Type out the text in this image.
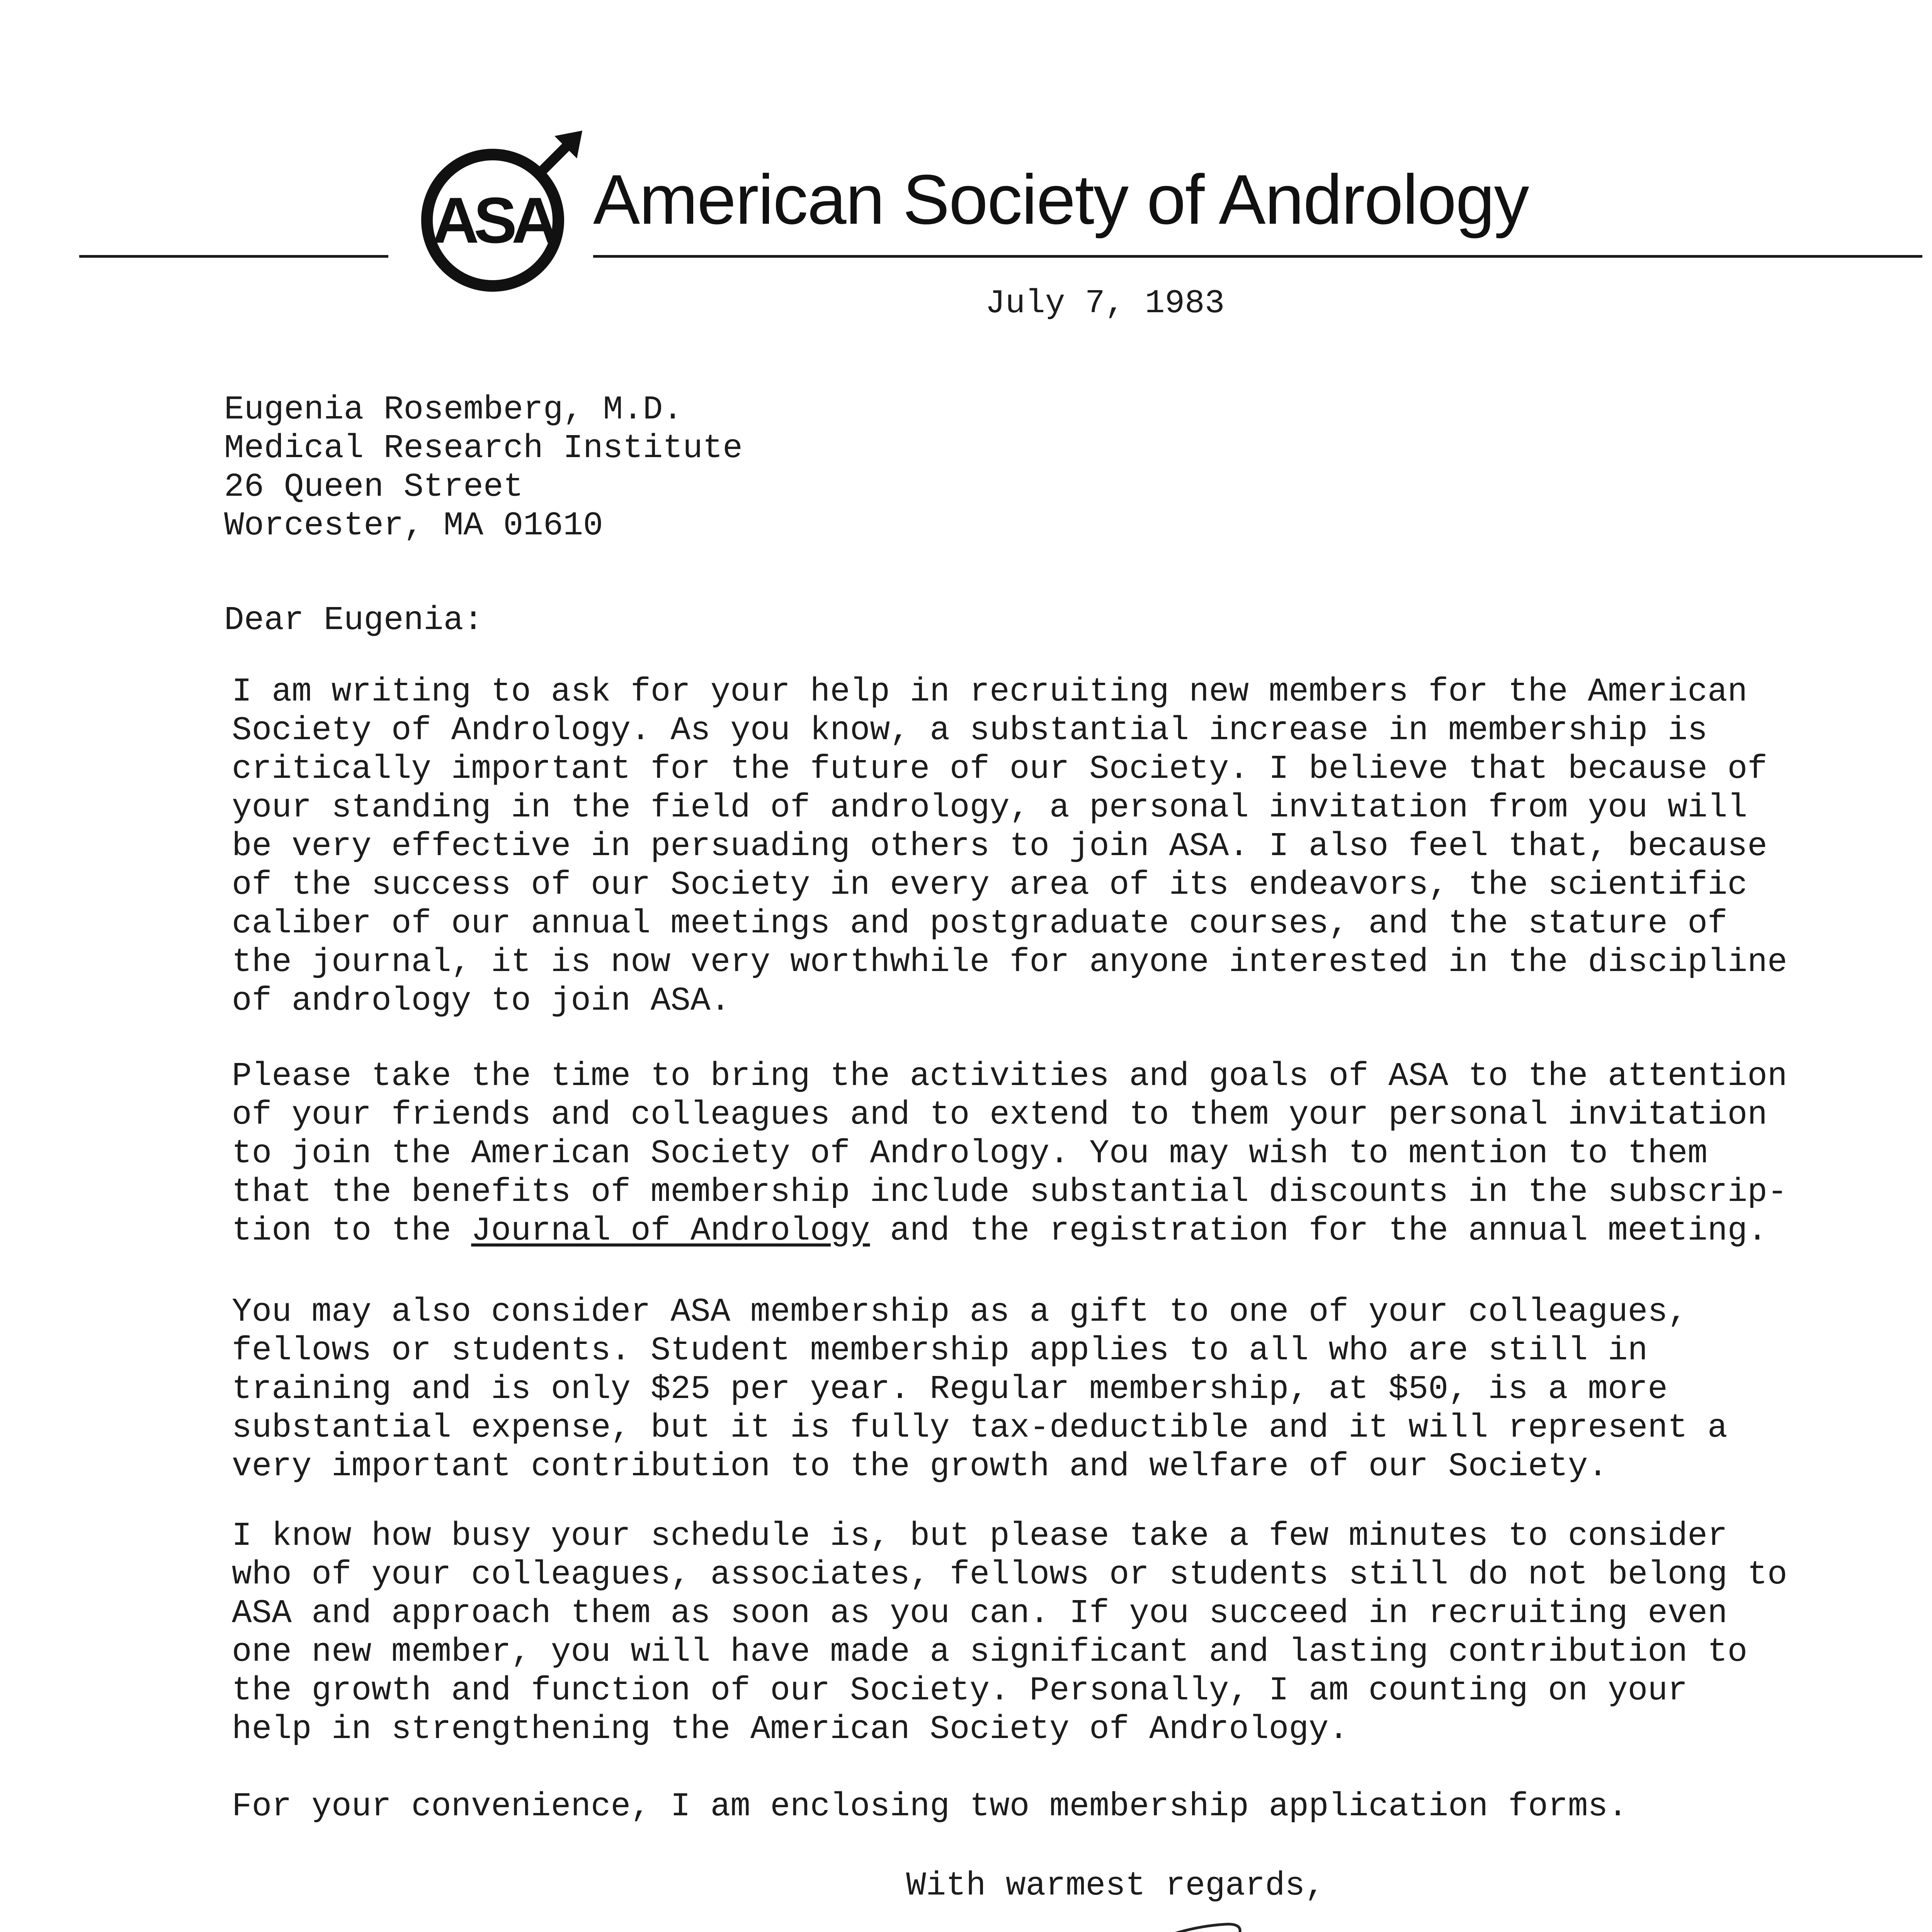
ASA American Society of Andrology
July 7, 1983
Eugenia Rosemberg, M.D.
Medical Research Institute
26 Queen Street
Worcester, MA 01610
Dear Eugenia:
I am writing to ask for your help in recruiting new members for the American
Society of Andrology. As you know, a substantial increase in membership is
critically important for the future of our Society. I believe that because of
your standing in the field of andrology, a personal invitation from you will
be very effective in persuading others to join ASA. I also feel that, because
of the success of our Society in every area of its endeavors, the scientific
caliber of our annual meetings and postgraduate courses, and the stature of
the journal, it is now very worthwhile for anyone interested in the discipline
of andrology to join ASA.
Please take the time to bring the activities and goals of ASA to the attention
of your friends and colleagues and to extend to them your personal invitation
to join the American Society of Andrology. You may wish to mention to them
that the benefits of membership include substantial discounts in the subscrip-
tion to the Journal of Andrology and the registration for the annual meeting.
You may also consider ASA membership as a gift to one of your colleagues,
fellows or students. Student membership applies to all who are still in
training and is only $25 per year. Regular membership, at $50, is a more
substantial expense, but it is fully tax-deductible and it will represent a
very important contribution to the growth and welfare of our Society.
I know how busy your schedule is, but please take a few minutes to consider
who of your colleagues, associates, fellows or students still do not belong to
ASA and approach them as soon as you can. If you succeed in recruiting even
one new member, you will have made a significant and lasting contribution to
the growth and function of our Society. Personally, I am counting on your
help in strengthening the American Society of Andrology.
For your convenience, I am enclosing two membership application forms.
With warmest regards,
